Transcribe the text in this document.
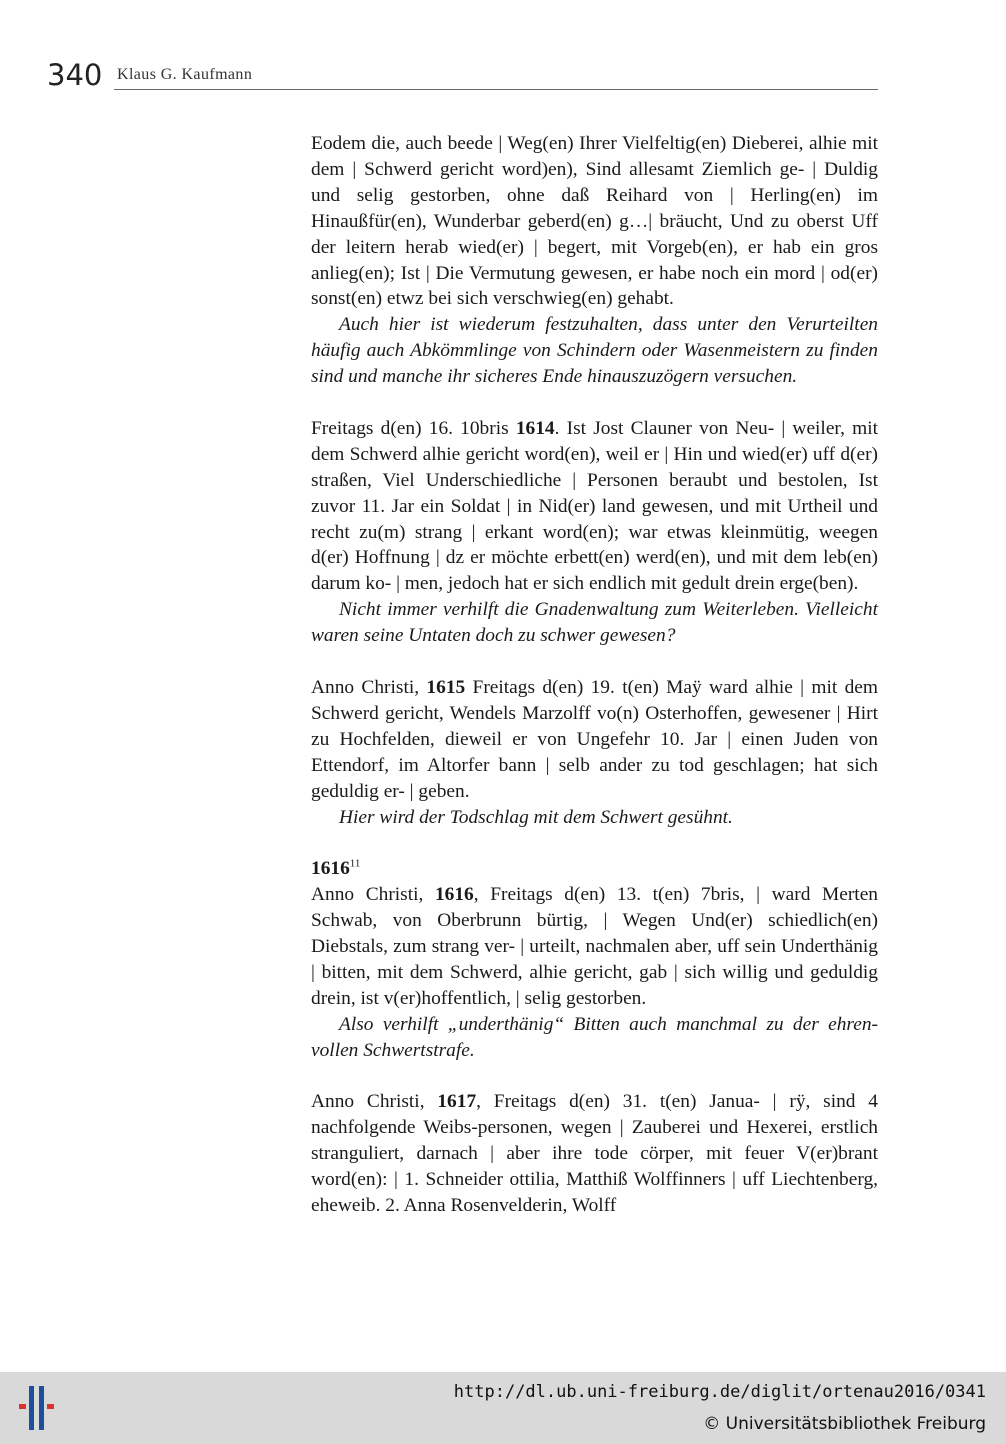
340 Klaus G. Kaufmann

Eodem die, auch beede | Weg(en) Ihrer Vielfeltig(en) Dieberei, alhie mit dem | Schwerd gericht word)en), Sind allesamt Ziemlich ge- | Duldig und selig gestorben, ohne daß Reihard von | Herling(en) im Hinaußfür(en), Wunderbar geberd(en) g…| bräucht, Und zu oberst Uff der leitern herab wied(er) | begert, mit Vorgeb(en), er hab ein gros anlieg(en); Ist | Die Vermutung gewesen, er habe noch ein mord | od(er) sonst(en) etwz bei sich verschwieg(en) gehabt.

Auch hier ist wiederum festzuhalten, dass unter den Verurteilten häufig auch Abkömmlinge von Schindern oder Wasenmeistern zu finden sind und manche ihr sicheres Ende hinauszuzögern versuchen.

Freitags d(en) 16. 10bris 1614. Ist Jost Clauner von Neu- | weiler, mit dem Schwerd alhie gericht word(en), weil er | Hin und wied(er) uff d(er) straßen, Viel Underschiedliche | Personen beraubt und bestolen, Ist zuvor 11. Jar ein Soldat | in Nid(er) land gewesen, und mit Urtheil und recht zu(m) strang | erkant word(en); war etwas kleinmütig, weegen d(er) Hoffnung | dz er möchte erbett(en) werd(en), und mit dem leb(en) darum ko- | men, jedoch hat er sich endlich mit gedult drein erge(ben).

Nicht immer verhilft die Gnadenwaltung zum Weiterleben. Vielleicht waren seine Untaten doch zu schwer gewesen?

Anno Christi, 1615 Freitags d(en) 19. t(en) Maÿ ward alhie | mit dem Schwerd gericht, Wendels Marzolff vo(n) Osterhoffen, gewesener | Hirt zu Hochfelden, dieweil er von Ungefehr 10. Jar | einen Juden von Ettendorf, im Altorfer bann | selb ander zu tod geschlagen; hat sich geduldig er- | geben.

Hier wird der Todschlag mit dem Schwert gesühnt.

1616$^{11}$

Anno Christi, 1616, Freitags d(en) 13. t(en) 7bris, | ward Merten Schwab, von Oberbrunn bürtig, | Wegen Und(er) schiedlich(en) Diebstals, zum strang ver- | urteilt, nachmalen aber, uff sein Underthänig | bitten, mit dem Schwerd, alhie gericht, gab | sich willig und geduldig drein, ist v(er)hoffentlich, | selig gestorben.

Also verhilft „underthänig“ Bitten auch manchmal zu der ehrenvollen Schwertstrafe.

Anno Christi, 1617, Freitags d(en) 31. t(en) Janua- | rÿ, sind 4 nachfolgende Weibs-personen, wegen | Zauberei und Hexerei, erstlich stranguliert, darnach | aber ihre tode cörper, mit feuer V(er)brant word(en): | 1. Schneider ottilia, Matthiß Wolffinners | uff Liechtenberg, eheweib. 2. Anna Rosenvelderin, Wolff

http://dl.ub.uni-freiburg.de/diglit/ortenau2016/0341
© Universitätsbibliothek Freiburg
